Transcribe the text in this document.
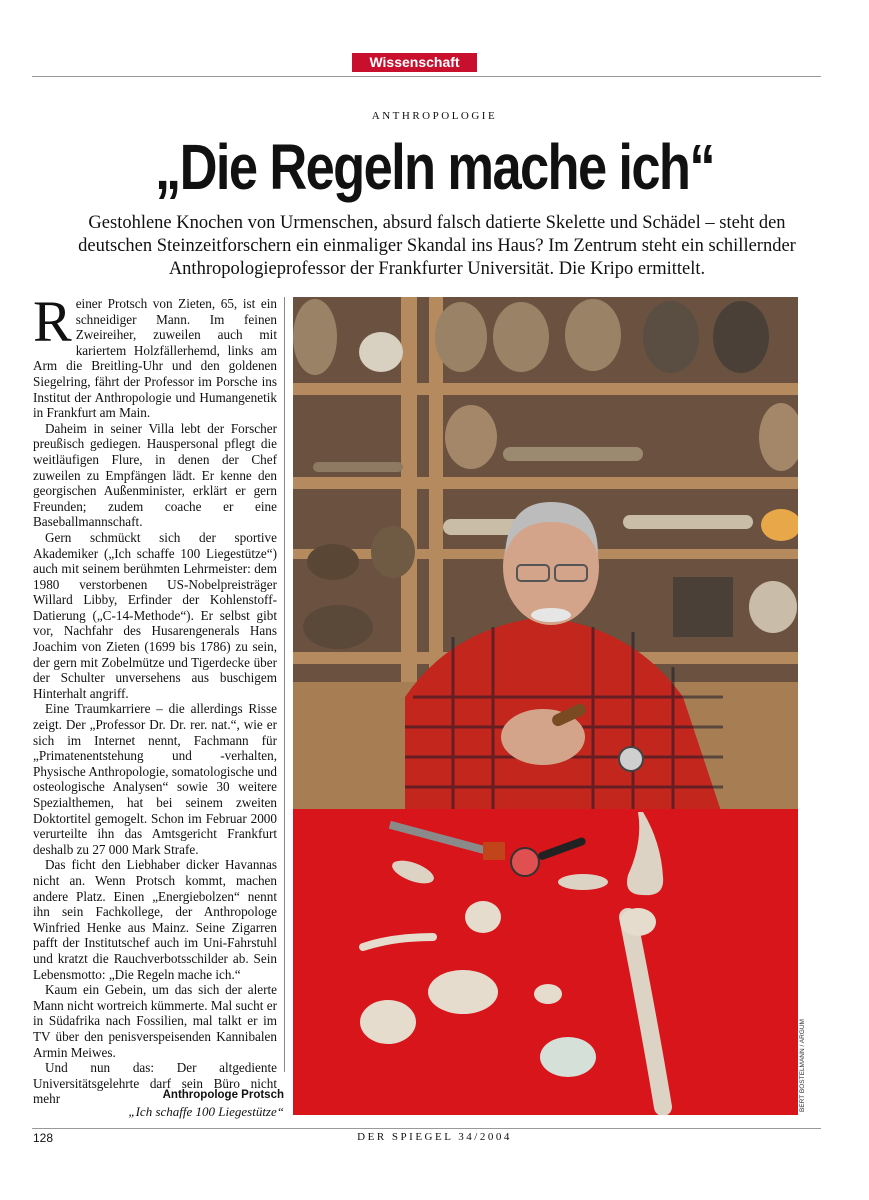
Wissenschaft
ANTHROPOLOGIE
„Die Regeln mache ich“
Gestohlene Knochen von Urmenschen, absurd falsch datierte Skelette und Schädel – steht den deutschen Steinzeitforschern ein einmaliger Skandal ins Haus? Im Zentrum steht ein schillernder Anthropologieprofessor der Frankfurter Universität. Die Kripo ermittelt.

Reiner Protsch von Zieten, 65, ist ein schneidiger Mann. Im feinen Zweireiher, zuweilen auch mit kariertem Holzfällerhemd, links am Arm die Breitling-Uhr und den goldenen Siegelring, fährt der Professor im Porsche ins Institut der Anthropologie und Humangenetik in Frankfurt am Main.

Daheim in seiner Villa lebt der Forscher preußisch gediegen. Hauspersonal pflegt die weitläufigen Flure, in denen der Chef zuweilen zu Empfängen lädt. Er kenne den georgischen Außenminister, erklärt er gern Freunden; zudem coache er eine Baseballmannschaft.

Gern schmückt sich der sportive Akademiker („Ich schaffe 100 Liegestütze“) auch mit seinem berühmten Lehrmeister: dem 1980 verstorbenen US-Nobelpreisträger Willard Libby, Erfinder der Kohlenstoff-Datierung („C-14-Methode“). Er selbst gibt vor, Nachfahr des Husarengenerals Hans Joachim von Zieten (1699 bis 1786) zu sein, der gern mit Zobelmütze und Tigerdecke über der Schulter unversehens aus buschigem Hinterhalt angriff.

Eine Traumkarriere – die allerdings Risse zeigt. Der „Professor Dr. Dr. rer. nat.“, wie er sich im Internet nennt, Fachmann für „Primatenentstehung und -verhalten, Physische Anthropologie, somatologische und osteologische Analysen“ sowie 30 weitere Spezialthemen, hat bei seinem zweiten Doktortitel gemogelt. Schon im Februar 2000 verurteilte ihn das Amtsgericht Frankfurt deshalb zu 27 000 Mark Strafe.

Das ficht den Liebhaber dicker Havannas nicht an. Wenn Protsch kommt, machen andere Platz. Einen „Energiebolzen“ nennt ihn sein Fachkollege, der Anthropologe Winfried Henke aus Mainz. Seine Zigarren pafft der Institutschef auch im Uni-Fahrstuhl und kratzt die Rauchverbotsschilder ab. Sein Lebensmotto: „Die Regeln mache ich.“

Kaum ein Gebein, um das sich der alerte Mann nicht wortreich kümmerte. Mal sucht er in Südafrika nach Fossilien, mal talkt er im TV über den penisverspeisenden Kannibalen Armin Meiwes.

Und nun das: Der altgediente Universitätsgelehrte darf sein Büro nicht mehr	BERT BOSTELMANN / ARGUM
Anthropologe Protsch
„Ich schaffe 100 Liegestütze“
128	DER SPIEGEL 34/2004
